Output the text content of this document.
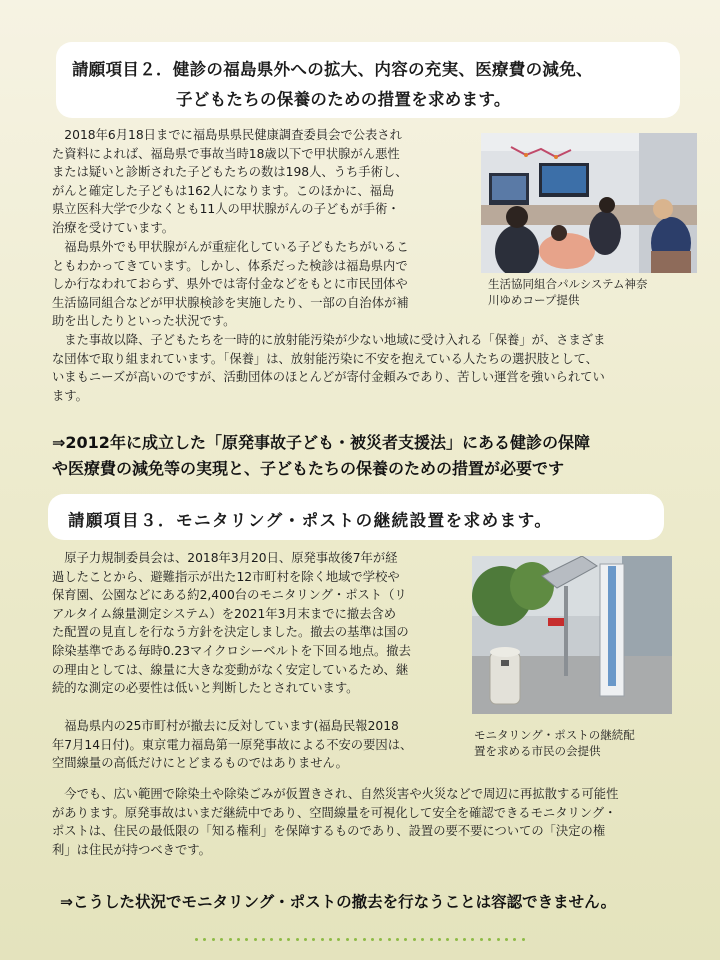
請願項目２．健診の福島県外への拡大、内容の充実、医療費の減免、
子どもたちの保養のための措置を求めます。
　2018年6月18日までに福島県県民健康調査委員会で公表され
た資料によれば、福島県で事故当時18歳以下で甲状腺がん悪性
または疑いと診断された子どもたちの数は198人、うち手術し、
がんと確定した子どもは162人になります。このほかに、福島
県立医科大学で少なくとも11人の甲状腺がんの子どもが手術・
治療を受けています。
　福島県外でも甲状腺がんが重症化している子どもたちがいるこ
ともわかってきています。しかし、体系だった検診は福島県内で
しか行なわれておらず、県外では寄付金などをもとに市民団体や
生活協同組合などが甲状腺検診を実施したり、一部の自治体が補
助を出したりといった状況です。
　また事故以降、子どもたちを一時的に放射能汚染が少ない地域に受け入れる「保養」が、さまざま
な団体で取り組まれています。「保養」は、放射能汚染に不安を抱えている人たちの選択肢として、
いまもニーズが高いのですが、活動団体のほとんどが寄付金頼みであり、苦しい運営を強いられてい
ます。
生活協同組合パルシステム神奈
川ゆめコープ提供
⇒2012年に成立した「原発事故子ども・被災者支援法」にある健診の保障
や医療費の減免等の実現と、子どもたちの保養のための措置が必要です
請願項目３．モニタリング・ポストの継続設置を求めます。
　原子力規制委員会は、2018年3月20日、原発事故後7年が経
過したことから、避難指示が出た12市町村を除く地域で学校や
保育園、公園などにある約2,400台のモニタリング・ポスト（リ
アルタイム線量測定システム）を2021年3月末までに撤去含め
た配置の見直しを行なう方針を決定しました。撤去の基準は国の
除染基準である毎時0.23マイクロシーベルトを下回る地点。撤去
の理由としては、線量に大きな変動がなく安定しているため、継
続的な測定の必要性は低いと判断したとされています。
　福島県内の25市町村が撤去に反対しています(福島民報2018
年7月14日付)。東京電力福島第一原発事故による不安の要因は、
空間線量の高低だけにとどまるものではありません。
モニタリング・ポストの継続配
置を求める市民の会提供
　今でも、広い範囲で除染土や除染ごみが仮置きされ、自然災害や火災などで周辺に再拡散する可能性
があります。原発事故はいまだ継続中であり、空間線量を可視化して安全を確認できるモニタリング・
ポストは、住民の最低限の「知る権利」を保障するものであり、設置の要不要についての「決定の権
利」は住民が持つべきです。
⇒こうした状況でモニタリング・ポストの撤去を行なうことは容認できません。
